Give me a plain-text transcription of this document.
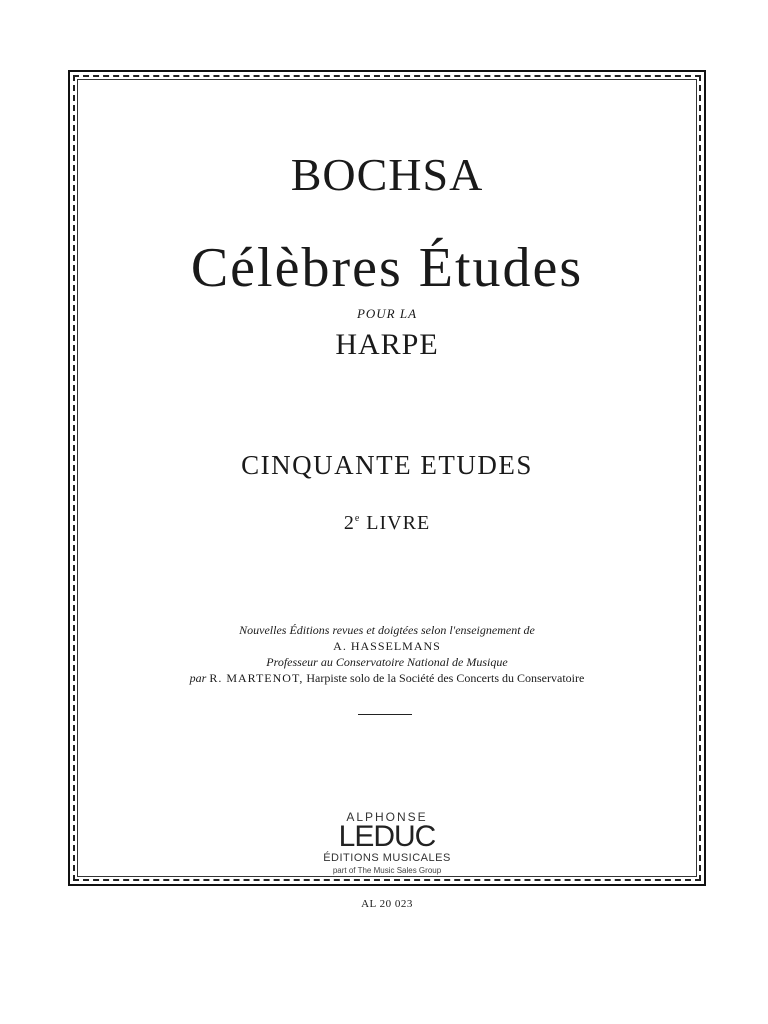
BOCHSA
Célèbres Études
POUR LA
HARPE
CINQUANTE ETUDES
2e LIVRE
Nouvelles Éditions revues et doigtées selon l'enseignement de
A. HASSELMANS
Professeur au Conservatoire National de Musique
par R. MARTENOT, Harpiste solo de la Société des Concerts du Conservatoire
ALPHONSE
LEDUC
ÉDITIONS MUSICALES
part of The Music Sales Group
AL 20 023
